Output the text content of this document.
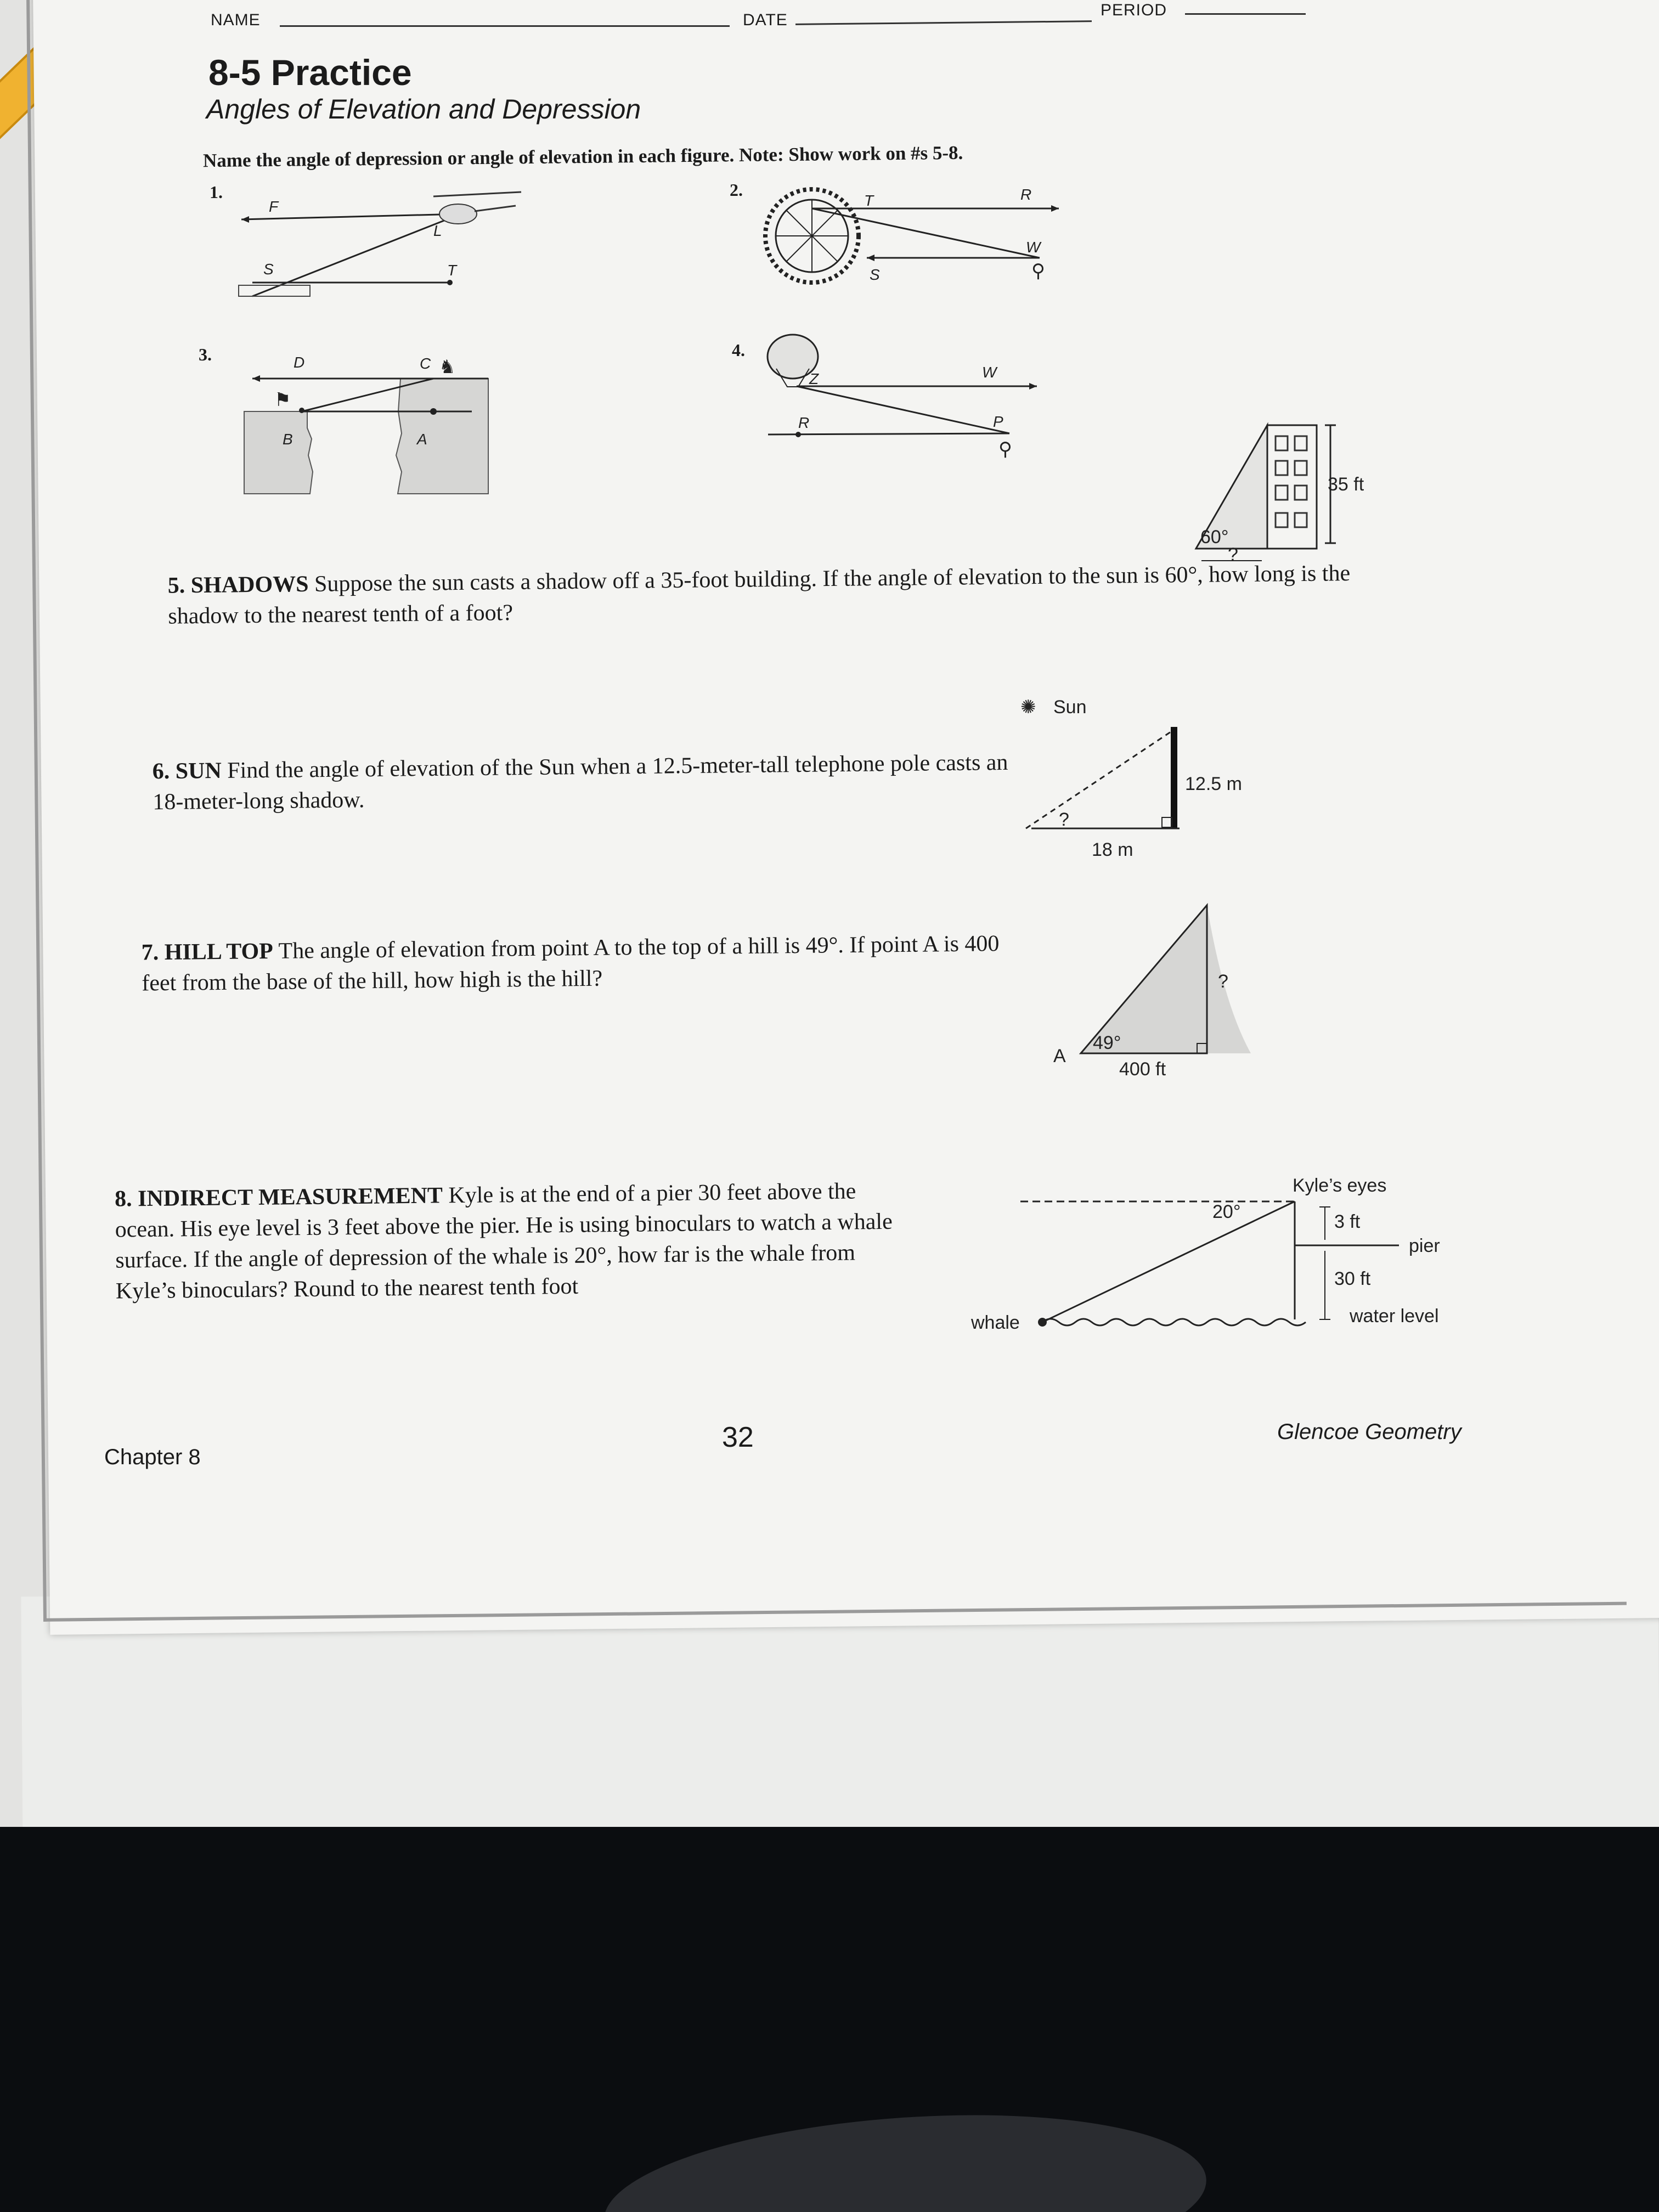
NAME	DATE
PERIOD
8-5 Practice
Angles of Elevation and Depression
Name the angle of depression or angle of elevation in each figure. Note: Show work on #s 5-8.
1.	2.
3.	4.
F
L
S	T	⚲
T	R
W
S
♞
⚑
D	C
B	A	⚲
Z	W
R	P
35 ft
60°
?
5. SHADOWS Suppose the sun casts a shadow off a 35-foot building. If the angle of elevation to the sun is 60°, how long is the shadow to the nearest tenth of a foot?
6. SUN Find the angle of elevation of the Sun when a 12.5-meter-tall telephone pole casts an 18-meter-long shadow.
✺ Sun
12.5 m
18 m
?
7. HILL TOP The angle of elevation from point A to the top of a hill is 49°. If point A is 400 feet from the base of the hill, how high is the hill?
A
49°
400 ft
?
8. INDIRECT MEASUREMENT Kyle is at the end of a pier 30 feet above the ocean. His eye level is 3 feet above the pier. He is using binoculars to watch a whale surface. If the angle of depression of the whale is 20°, how far is the whale from Kyle’s binoculars? Round to the nearest tenth foot
Kyle’s eyes
20°	3 ft
pier
30 ft
water level
whale
Chapter 8
32	Glencoe Geometry
